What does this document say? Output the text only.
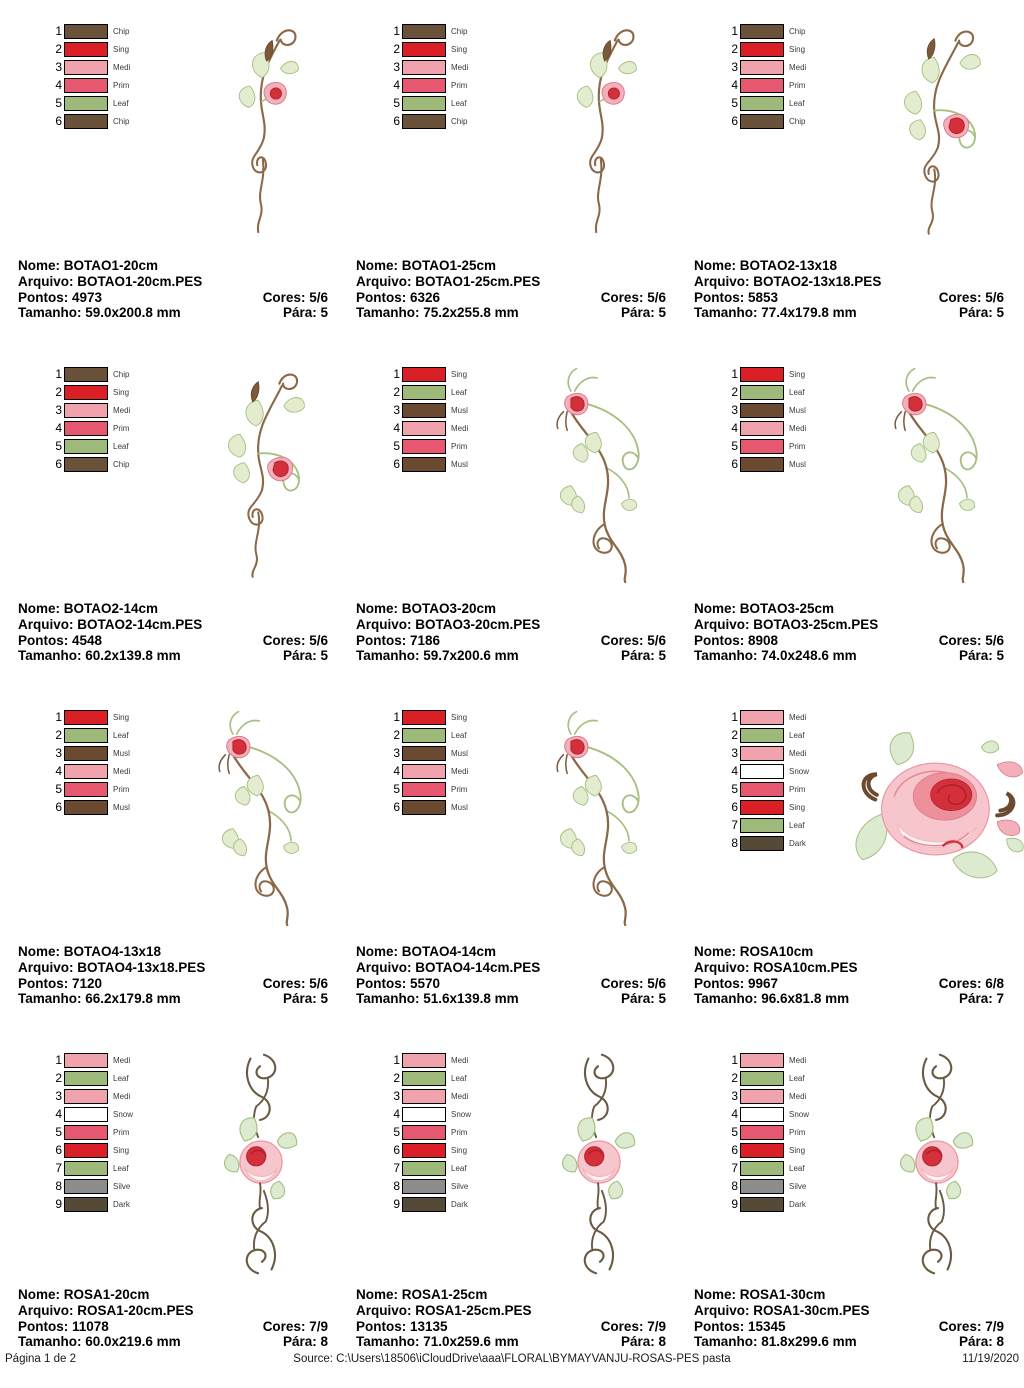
1	Chip
2	Sing
3	Medi
4	Prim
5	Leaf
6	Chip
Nome: BOTAO1-20cm
Arquivo: BOTAO1-20cm.PES
Pontos: 4973	Cores: 5/6
Tamanho: 59.0x200.8 mm	Pára: 5
1	Chip
2	Sing
3	Medi
4	Prim
5	Leaf
6	Chip
Nome: BOTAO1-25cm
Arquivo: BOTAO1-25cm.PES
Pontos: 6326	Cores: 5/6
Tamanho: 75.2x255.8 mm	Pára: 5
1	Chip
2	Sing
3	Medi
4	Prim
5	Leaf
6	Chip
Nome: BOTAO2-13x18
Arquivo: BOTAO2-13x18.PES
Pontos: 5853	Cores: 5/6
Tamanho: 77.4x179.8 mm	Pára: 5
1	Chip
2	Sing
3	Medi
4	Prim
5	Leaf
6	Chip
Nome: BOTAO2-14cm
Arquivo: BOTAO2-14cm.PES
Pontos: 4548	Cores: 5/6
Tamanho: 60.2x139.8 mm	Pára: 5
1	Sing
2	Leaf
3	Musl
4	Medi
5	Prim
6	Musl
Nome: BOTAO3-20cm
Arquivo: BOTAO3-20cm.PES
Pontos: 7186	Cores: 5/6
Tamanho: 59.7x200.6 mm	Pára: 5
1	Sing
2	Leaf
3	Musl
4	Medi
5	Prim
6	Musl
Nome: BOTAO3-25cm
Arquivo: BOTAO3-25cm.PES
Pontos: 8908	Cores: 5/6
Tamanho: 74.0x248.6 mm	Pára: 5
1	Sing
2	Leaf
3	Musl
4	Medi
5	Prim
6	Musl
Nome: BOTAO4-13x18
Arquivo: BOTAO4-13x18.PES
Pontos: 7120	Cores: 5/6
Tamanho: 66.2x179.8 mm	Pára: 5
1	Sing
2	Leaf
3	Musl
4	Medi
5	Prim
6	Musl
Nome: BOTAO4-14cm
Arquivo: BOTAO4-14cm.PES
Pontos: 5570	Cores: 5/6
Tamanho: 51.6x139.8 mm	Pára: 5
1	Medi
2	Leaf
3	Medi
4	Snow
5	Prim
6	Sing
7	Leaf
8	Dark
Nome: ROSA10cm
Arquivo: ROSA10cm.PES
Pontos: 9967	Cores: 6/8
Tamanho: 96.6x81.8 mm	Pára: 7
1	Medi
2	Leaf
3	Medi
4	Snow
5	Prim
6	Sing
7	Leaf
8	Silve
9	Dark
Nome: ROSA1-20cm
Arquivo: ROSA1-20cm.PES
Pontos: 11078	Cores: 7/9
Tamanho: 60.0x219.6 mm	Pára: 8
1	Medi
2	Leaf
3	Medi
4	Snow
5	Prim
6	Sing
7	Leaf
8	Silve
9	Dark
Nome: ROSA1-25cm
Arquivo: ROSA1-25cm.PES
Pontos: 13135	Cores: 7/9
Tamanho: 71.0x259.6 mm	Pára: 8
1	Medi
2	Leaf
3	Medi
4	Snow
5	Prim
6	Sing
7	Leaf
8	Silve
9	Dark
Nome: ROSA1-30cm
Arquivo: ROSA1-30cm.PES
Pontos: 15345	Cores: 7/9
Tamanho: 81.8x299.6 mm	Pára: 8
Página 1 de 2	Source: C:\Users\18506\iCloudDrive\aaa\FLORAL\BYMAYVANJU-ROSAS-PES pasta	11/19/2020
